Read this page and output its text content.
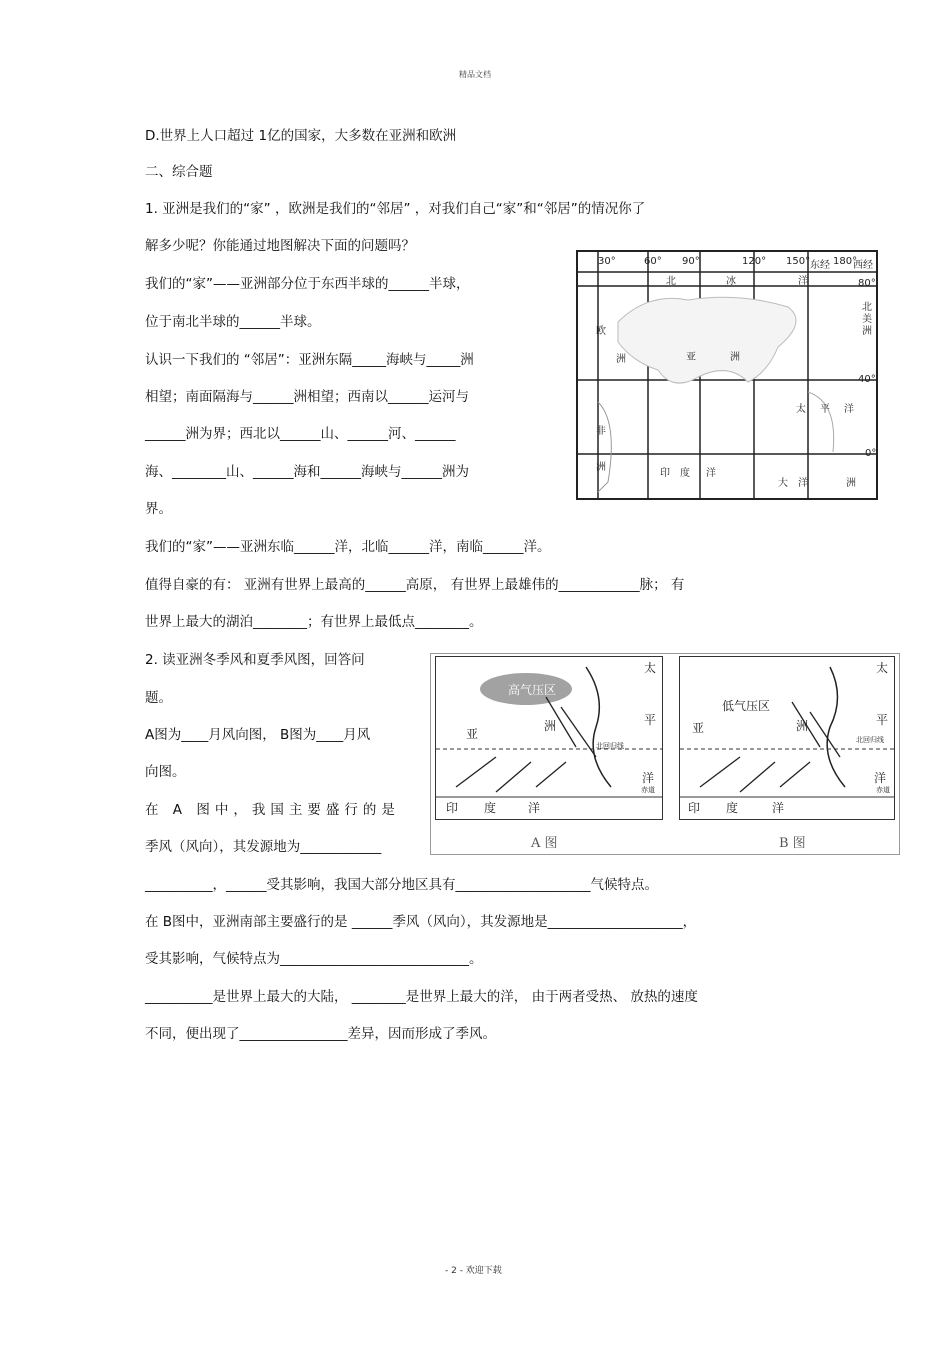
精品文档
D.世界上人口超过 1亿的国家，大多数在亚洲和欧洲
二、综合题
1. 亚洲是我们的“家” ，欧洲是我们的“邻居” ，对我们自己“家”和“邻居”的情况你了
解多少呢？你能通过地图解决下面的问题吗？
我们的“家”——亚洲部分位于东西半球的______半球，
位于南北半球的______半球。
认识一下我们的 “邻居”：亚洲东隔_____海峡与_____洲
相望；南面隔海与______洲相望；西南以______运河与
______洲为界；西北以______山、______河、______
海、________山、______海和______海峡与______洲为
界。
我们的“家”——亚洲东临______洋，北临______洋，南临______洋。
值得自豪的有： 亚洲有世界上最高的______高原， 有世界上最雄伟的____________脉； 有
世界上最大的湖泊________；有世界上最低点________。
2. 读亚洲冬季风和夏季风图，回答问
题。
A图为____月风向图， B图为____月风
向图。
在 A 图中，我国主要盛行的是
季风（风向），其发源地为____________
__________，______受其影响，我国大部分地区具有____________________气候特点。
在 B图中，亚洲南部主要盛行的是 ______季风（风向），其发源地是____________________，
受其影响，气候特点为____________________________。
__________是世界上最大的大陆， ________是世界上最大的洋， 由于两者受热、 放热的速度
不同，便出现了________________差异，因而形成了季风。
30°	60° 90°	120° 150° 东经 180°
西经
80°
40°
0°
北	冰	洋
北美洲
欧
洲	亚	洲
太 平 洋
非
洲
印 度 洋
大 洋	洲
太
高气压区
亚
洲	平
北回归线
洋
印 度	洋
赤道
A 图
太
低气压区
亚	洲	平
北回归线
洋
印 度	洋
赤道
B 图
- 2 - 欢迎下载
